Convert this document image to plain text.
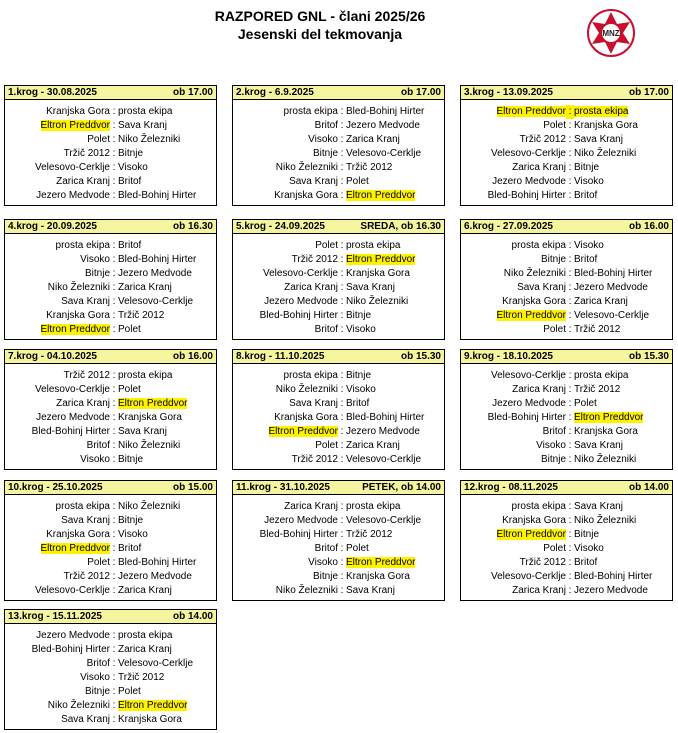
RAZPORED GNL - člani 2025/26
Jesenski del tekmovanja	MNZ
1.krog - 30.08.2025	ob 17.00
Kranjska Gora : prosta ekipa
Eltron Preddvor : Sava Kranj
Polet : Niko Železniki
Tržič 2012 : Bitnje
Velesovo-Cerklje : Visoko
Zarica Kranj : Britof
Jezero Medvode : Bled-Bohinj Hirter
2.krog - 6.9.2025	ob 17.00
prosta ekipa : Bled-Bohinj Hirter
Britof : Jezero Medvode
Visoko : Zarica Kranj
Bitnje : Velesovo-Cerklje
Niko Železniki : Tržič 2012
Sava Kranj : Polet
Kranjska Gora : Eltron Preddvor
3.krog - 13.09.2025	ob 17.00
Eltron Preddvor : prosta ekipa
Polet : Kranjska Gora
Tržič 2012 : Sava Kranj
Velesovo-Cerklje : Niko Železniki
Zarica Kranj : Bitnje
Jezero Medvode : Visoko
Bled-Bohinj Hirter : Britof
4.krog - 20.09.2025	ob 16.30
prosta ekipa : Britof
Visoko : Bled-Bohinj Hirter
Bitnje : Jezero Medvode
Niko Železniki : Zarica Kranj
Sava Kranj : Velesovo-Cerklje
Kranjska Gora : Tržič 2012
Eltron Preddvor : Polet
5.krog - 24.09.2025	SREDA, ob 16.30
Polet : prosta ekipa
Tržič 2012 : Eltron Preddvor
Velesovo-Cerklje : Kranjska Gora
Zarica Kranj : Sava Kranj
Jezero Medvode : Niko Železniki
Bled-Bohinj Hirter : Bitnje
Britof : Visoko
6.krog - 27.09.2025	ob 16.00
prosta ekipa : Visoko
Bitnje : Britof
Niko Železniki : Bled-Bohinj Hirter
Sava Kranj : Jezero Medvode
Kranjska Gora : Zarica Kranj
Eltron Preddvor : Velesovo-Cerklje
Polet : Tržič 2012
7.krog - 04.10.2025	ob 16.00
Tržič 2012 : prosta ekipa
Velesovo-Cerklje : Polet
Zarica Kranj : Eltron Preddvor
Jezero Medvode : Kranjska Gora
Bled-Bohinj Hirter : Sava Kranj
Britof : Niko Železniki
Visoko : Bitnje
8.krog - 11.10.2025	ob 15.30
prosta ekipa : Bitnje
Niko Železniki : Visoko
Sava Kranj : Britof
Kranjska Gora : Bled-Bohinj Hirter
Eltron Preddvor : Jezero Medvode
Polet : Zarica Kranj
Tržič 2012 : Velesovo-Cerklje
9.krog - 18.10.2025	ob 15.30
Velesovo-Cerklje : prosta ekipa
Zarica Kranj : Tržič 2012
Jezero Medvode : Polet
Bled-Bohinj Hirter : Eltron Preddvor
Britof : Kranjska Gora
Visoko : Sava Kranj
Bitnje : Niko Železniki
10.krog - 25.10.2025	ob 15.00
prosta ekipa : Niko Železniki
Sava Kranj : Bitnje
Kranjska Gora : Visoko
Eltron Preddvor : Britof
Polet : Bled-Bohinj Hirter
Tržič 2012 : Jezero Medvode
Velesovo-Cerklje : Zarica Kranj
11.krog - 31.10.2025	PETEK, ob 14.00
Zarica Kranj : prosta ekipa
Jezero Medvode : Velesovo-Cerklje
Bled-Bohinj Hirter : Tržič 2012
Britof : Polet
Visoko : Eltron Preddvor
Bitnje : Kranjska Gora
Niko Železniki : Sava Kranj
12.krog - 08.11.2025	ob 14.00
prosta ekipa : Sava Kranj
Kranjska Gora : Niko Železniki
Eltron Preddvor : Bitnje
Polet : Visoko
Tržič 2012 : Britof
Velesovo-Cerklje : Bled-Bohinj Hirter
Zarica Kranj : Jezero Medvode
13.krog - 15.11.2025	ob 14.00
Jezero Medvode : prosta ekipa
Bled-Bohinj Hirter : Zarica Kranj
Britof : Velesovo-Cerklje
Visoko : Tržič 2012
Bitnje : Polet
Niko Železniki : Eltron Preddvor
Sava Kranj : Kranjska Gora
